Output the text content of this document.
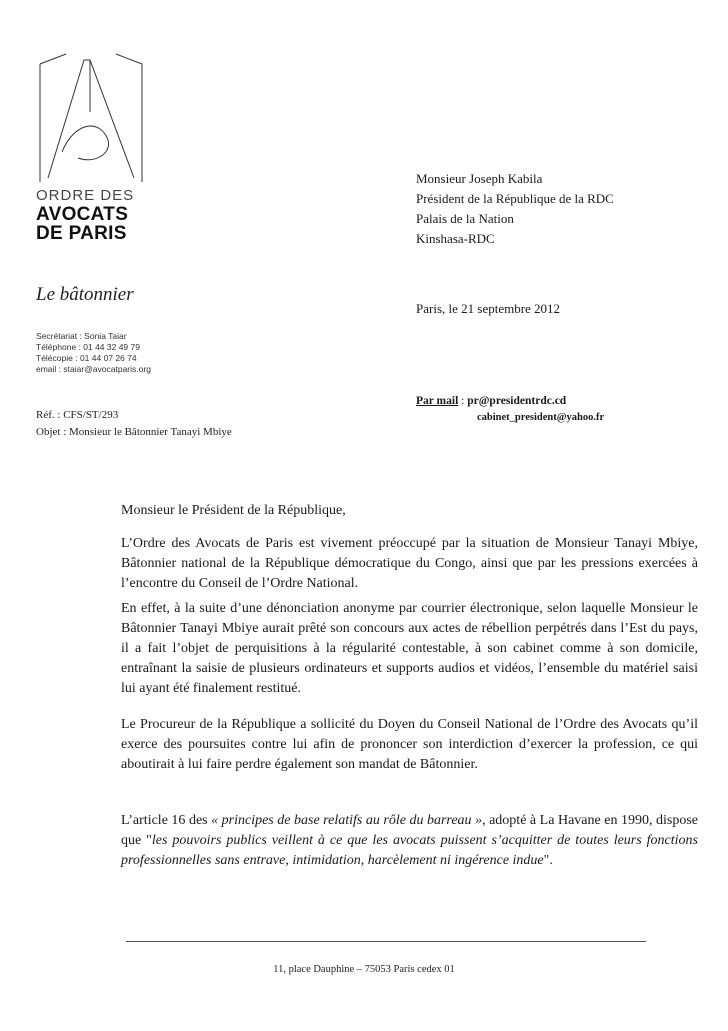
ORDRE DES
AVOCATS
DE PARIS
Le bâtonnier
Secrétariat : Sonia Taiar
Téléphone : 01 44 32 49 79
Télécopie : 01 44 07 26 74
email : staiar@avocatparis.org
Réf. : CFS/ST/293
Objet : Monsieur le Bâtonnier Tanayi Mbiye
Monsieur Joseph Kabila
Président de la République de la RDC
Palais de la Nation
Kinshasa-RDC
Paris, le 21 septembre 2012
Par mail : pr@presidentrdc.cd
cabinet_president@yahoo.fr
Monsieur le Président de la République,

L’Ordre des Avocats de Paris est vivement préoccupé par la situation de Monsieur Tanayi Mbiye, Bâtonnier national de la République démocratique du Congo, ainsi que par les pressions exercées à l’encontre du Conseil de l’Ordre National.

En effet, à la suite d’une dénonciation anonyme par courrier électronique, selon laquelle Monsieur le Bâtonnier Tanayi Mbiye aurait prêté son concours aux actes de rébellion perpétrés dans l’Est du pays, il a fait l’objet de perquisitions à la régularité contestable, à son cabinet comme à son domicile, entraînant la saisie de plusieurs ordinateurs et supports audios et vidéos, l’ensemble du matériel saisi lui ayant été finalement restitué.

Le Procureur de la République a sollicité du Doyen du Conseil National de l’Ordre des Avocats qu’il exerce des poursuites contre lui afin de prononcer son interdiction d’exercer la profession, ce qui aboutirait à lui faire perdre également son mandat de Bâtonnier.

L’article 16 des « principes de base relatifs au rôle du barreau », adopté à La Havane en 1990, dispose que "les pouvoirs publics veillent à ce que les avocats puissent s’acquitter de toutes leurs fonctions professionnelles sans entrave, intimidation, harcèlement ni ingérence indue".

11, place Dauphine – 75053 Paris cedex 01
